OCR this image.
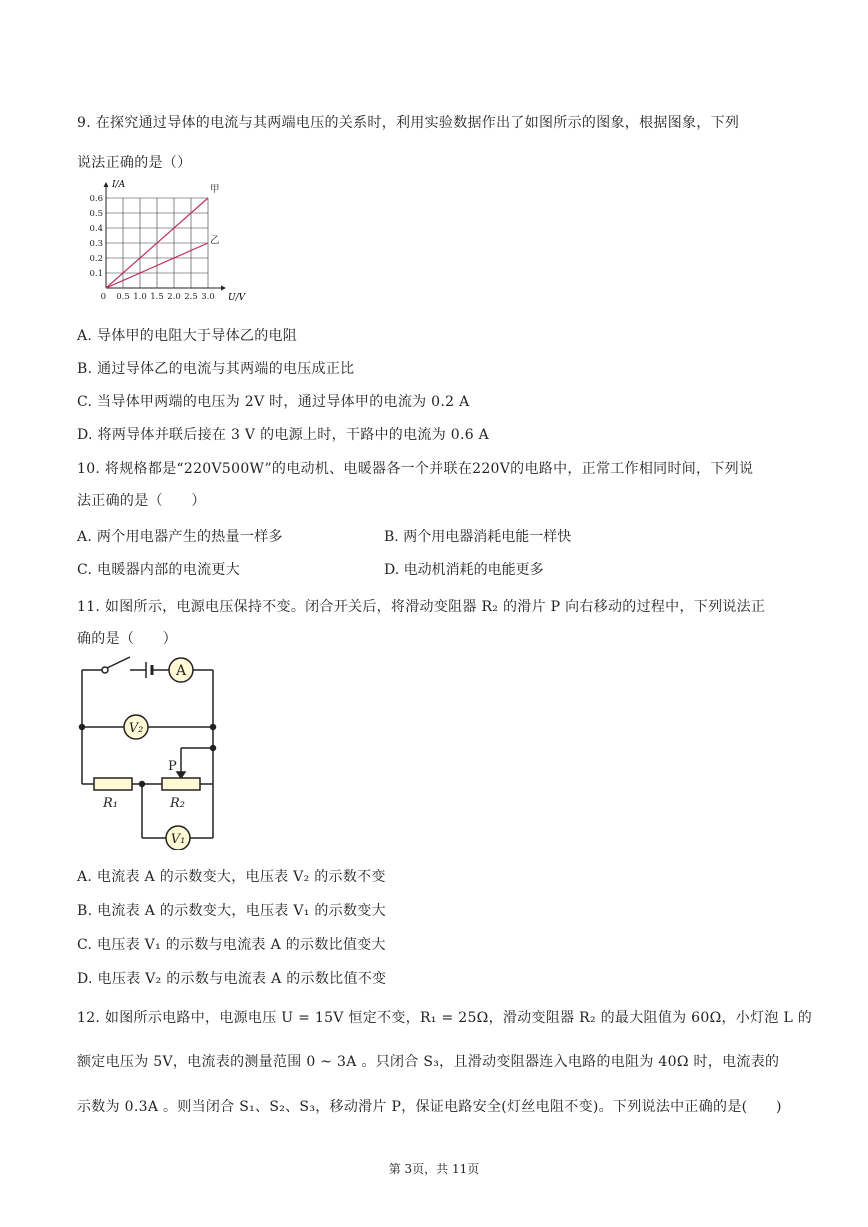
9. 在探究通过导体的电流与其两端电压的关系时，利用实验数据作出了如图所示的图象，根据图象，下列
说法正确的是（）
0 0.5 1.0 1.5 2.0 2.5 3.0
0.1
0.2
0.3
0.4
0.5
0.6
甲
乙
U/V
I/A
A. 导体甲的电阻大于导体乙的电阻
B. 通过导体乙的电流与其两端的电压成正比
C. 当导体甲两端的电压为 2V 时，通过导体甲的电流为 0.2 A
D. 将两导体并联后接在 3 V 的电源上时，干路中的电流为 0.6 A
10. 将规格都是“220V500W”的电动机、电暖器各一个并联在220V的电路中，正常工作相同时间，下列说
法正确的是（　　）
A. 两个用电器产生的热量一样多	B. 两个用电器消耗电能一样快
C. 电暖器内部的电流更大	D. 电动机消耗的电能更多
11. 如图所示，电源电压保持不变。闭合开关后，将滑动变阻器 R₂ 的滑片 P 向右移动的过程中，下列说法正
确的是（　　）
A
V₂
V₁
P
R₁	R₂
A. 电流表 A 的示数变大，电压表 V₂ 的示数不变
B. 电流表 A 的示数变大，电压表 V₁ 的示数变大
C. 电压表 V₁ 的示数与电流表 A 的示数比值变大
D. 电压表 V₂ 的示数与电流表 A 的示数比值不变
12. 如图所示电路中，电源电压 U = 15V 恒定不变，R₁ = 25Ω，滑动变阻器 R₂ 的最大阻值为 60Ω，小灯泡 L 的
额定电压为 5V，电流表的测量范围 0 ~ 3A 。只闭合 S₃，且滑动变阻器连入电路的电阻为 40Ω 时，电流表的
示数为 0.3A 。则当闭合 S₁、S₂、S₃，移动滑片 P，保证电路安全(灯丝电阻不变)。下列说法中正确的是(　　)
第 3页，共 11页
